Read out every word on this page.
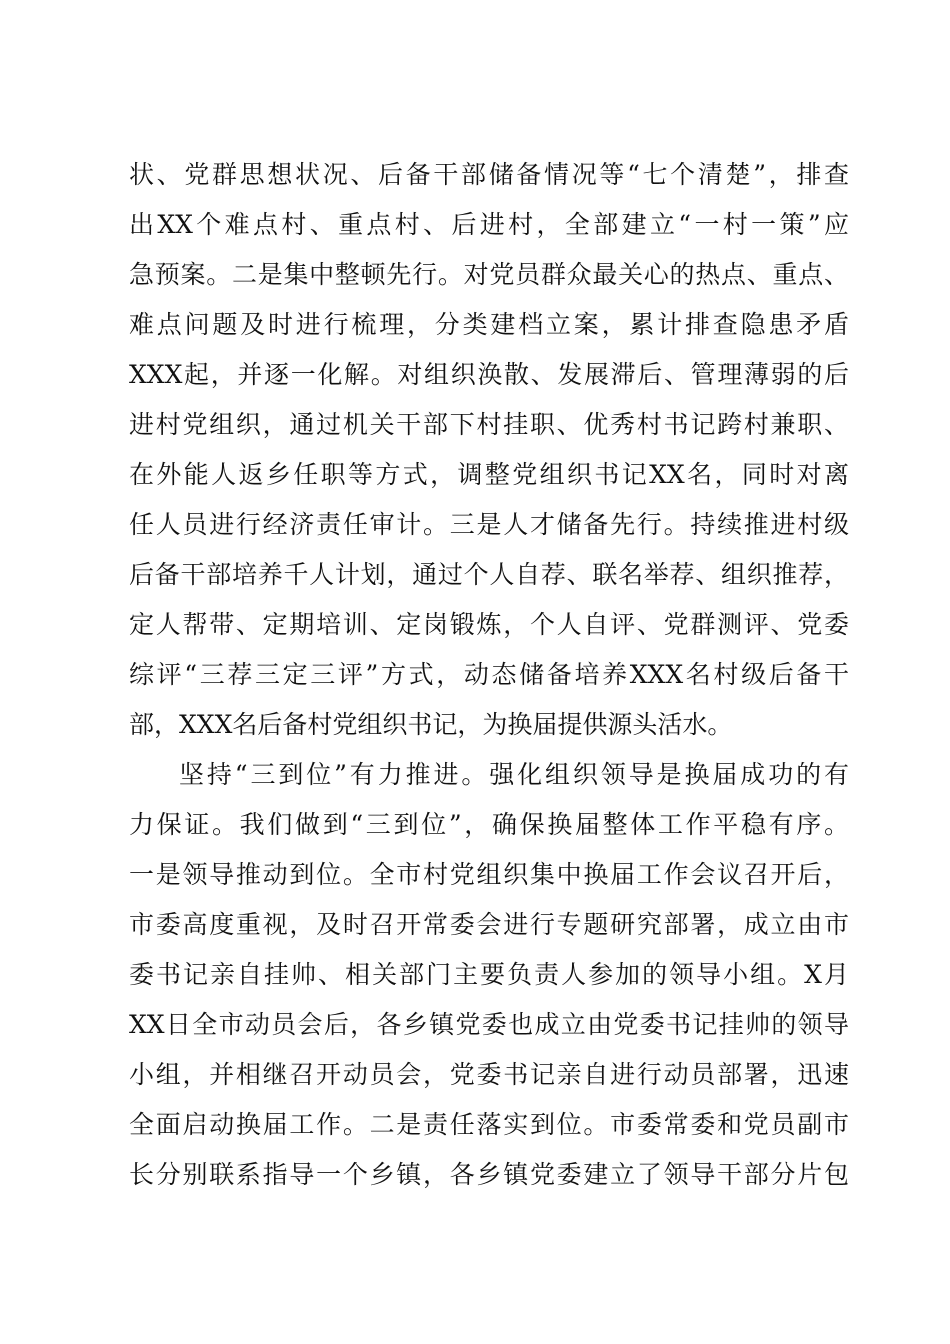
状、党群思想状况、后备干部储备情况等“七个清楚”，排查
出XX个难点村、重点村、后进村，全部建立“一村一策”应
急预案。二是集中整顿先行。对党员群众最关心的热点、重点、
难点问题及时进行梳理，分类建档立案，累计排查隐患矛盾
XXX起，并逐一化解。对组织涣散、发展滞后、管理薄弱的后
进村党组织，通过机关干部下村挂职、优秀村书记跨村兼职、
在外能人返乡任职等方式，调整党组织书记XX名，同时对离
任人员进行经济责任审计。三是人才储备先行。持续推进村级
后备干部培养千人计划，通过个人自荐、联名举荐、组织推荐，
定人帮带、定期培训、定岗锻炼，个人自评、党群测评、党委
综评“三荐三定三评”方式，动态储备培养XXX名村级后备干
部，XXX名后备村党组织书记，为换届提供源头活水。
坚持“三到位”有力推进。强化组织领导是换届成功的有
力保证。我们做到“三到位”，确保换届整体工作平稳有序。
一是领导推动到位。全市村党组织集中换届工作会议召开后，
市委高度重视，及时召开常委会进行专题研究部署，成立由市
委书记亲自挂帅、相关部门主要负责人参加的领导小组。X月
XX日全市动员会后，各乡镇党委也成立由党委书记挂帅的领导
小组，并相继召开动员会，党委书记亲自进行动员部署，迅速
全面启动换届工作。二是责任落实到位。市委常委和党员副市
长分别联系指导一个乡镇，各乡镇党委建立了领导干部分片包
